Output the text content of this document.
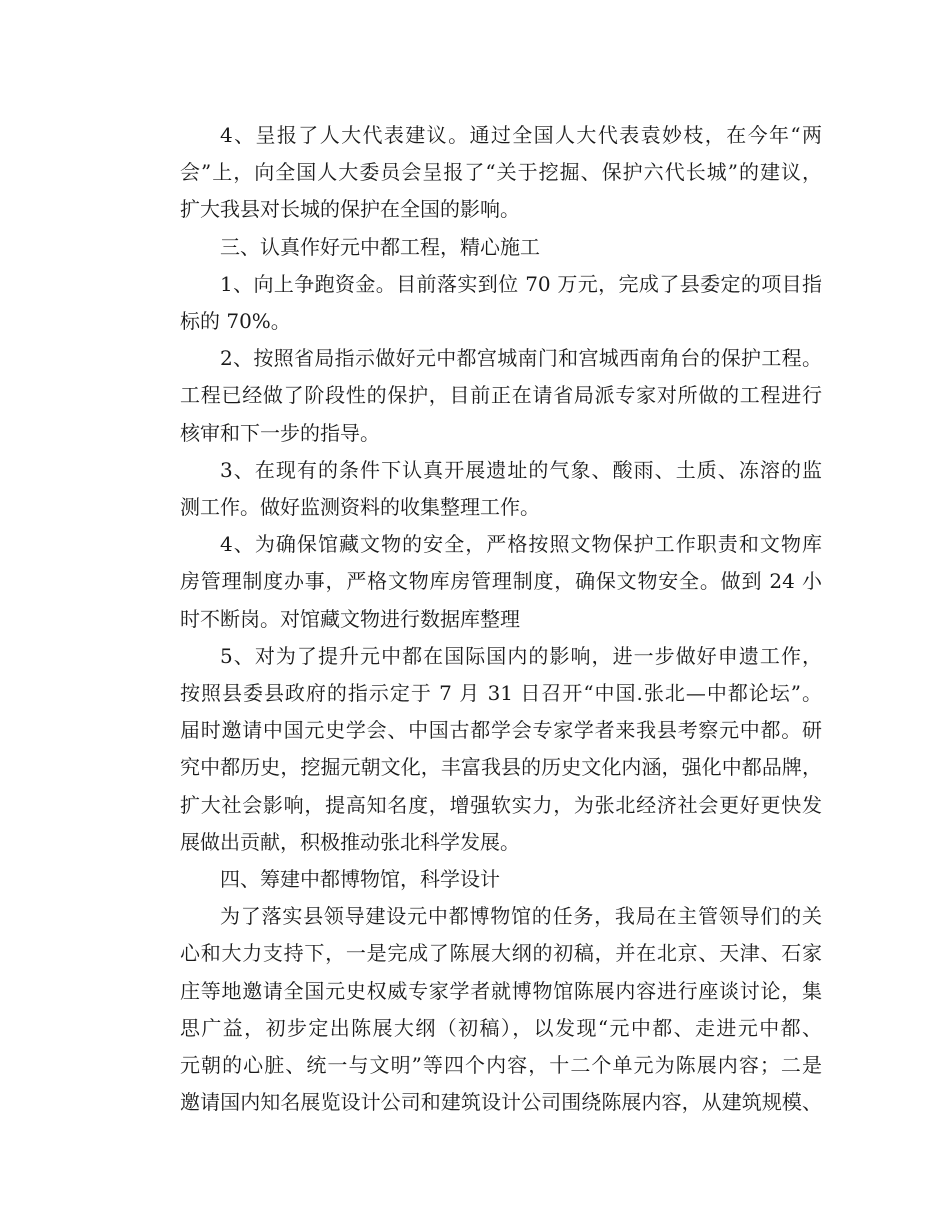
4、呈报了人大代表建议。通过全国人大代表袁妙枝，在今年“两
会”上，向全国人大委员会呈报了“关于挖掘、保护六代长城”的建议，
扩大我县对长城的保护在全国的影响。
三、认真作好元中都工程，精心施工
1、向上争跑资金。目前落实到位 70 万元，完成了县委定的项目指
标的 70%。
2、按照省局指示做好元中都宫城南门和宫城西南角台的保护工程。
工程已经做了阶段性的保护，目前正在请省局派专家对所做的工程进行
核审和下一步的指导。
3、在现有的条件下认真开展遗址的气象、酸雨、土质、冻溶的监
测工作。做好监测资料的收集整理工作。
4、为确保馆藏文物的安全，严格按照文物保护工作职责和文物库
房管理制度办事，严格文物库房管理制度，确保文物安全。做到 24 小
时不断岗。对馆藏文物进行数据库整理
5、对为了提升元中都在国际国内的影响，进一步做好申遗工作，
按照县委县政府的指示定于 7 月 31 日召开“中国.张北—中都论坛”。
届时邀请中国元史学会、中国古都学会专家学者来我县考察元中都。研
究中都历史，挖掘元朝文化，丰富我县的历史文化内涵，强化中都品牌，
扩大社会影响，提高知名度，增强软实力，为张北经济社会更好更快发
展做出贡献，积极推动张北科学发展。
四、筹建中都博物馆，科学设计
为了落实县领导建设元中都博物馆的任务，我局在主管领导们的关
心和大力支持下，一是完成了陈展大纲的初稿，并在北京、天津、石家
庄等地邀请全国元史权威专家学者就博物馆陈展内容进行座谈讨论，集
思广益，初步定出陈展大纲（初稿），以发现“元中都、走进元中都、
元朝的心脏、统一与文明”等四个内容，十二个单元为陈展内容；二是
邀请国内知名展览设计公司和建筑设计公司围绕陈展内容，从建筑规模、
